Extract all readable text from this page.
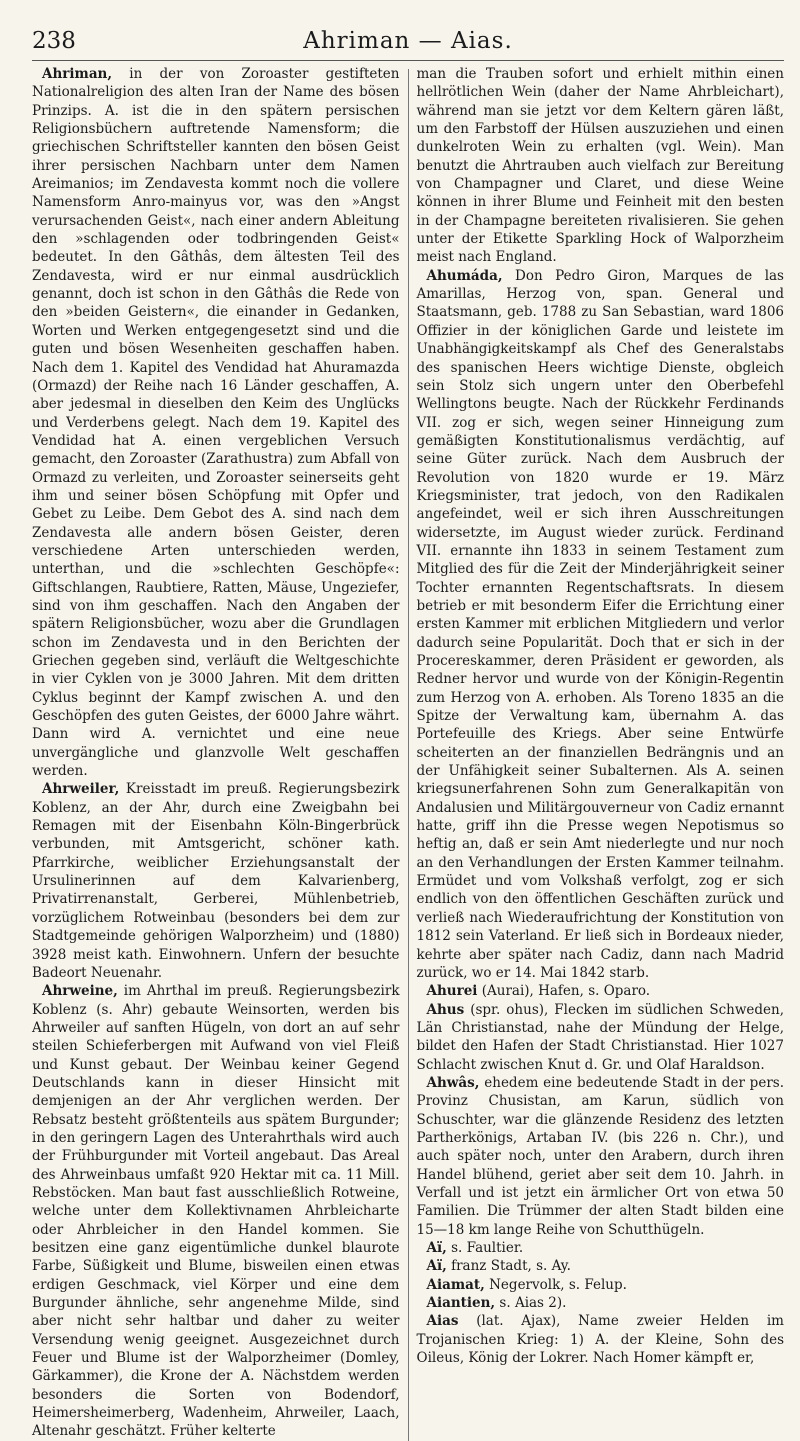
238	Ahriman — Aias.

Ahriman, in der von Zoroaster gestifteten Nationalreligion des alten Iran der Name des bösen Prinzips. A. ist die in den spätern persischen Religionsbüchern auftretende Namensform; die griechischen Schriftsteller kannten den bösen Geist ihrer persischen Nachbarn unter dem Namen Areimanios; im Zendavesta kommt noch die vollere Namensform Anro-mainyus vor, was den »Angst verursachenden Geist«, nach einer andern Ableitung den »schlagenden oder todbringenden Geist« bedeutet. In den Gâthâs, dem ältesten Teil des Zendavesta, wird er nur einmal ausdrücklich genannt, doch ist schon in den Gâthâs die Rede von den »beiden Geistern«, die einander in Gedanken, Worten und Werken entgegengesetzt sind und die guten und bösen Wesenheiten geschaffen haben. Nach dem 1. Kapitel des Vendidad hat Ahuramazda (Ormazd) der Reihe nach 16 Länder geschaffen, A. aber jedesmal in dieselben den Keim des Unglücks und Verderbens gelegt. Nach dem 19. Kapitel des Vendidad hat A. einen vergeblichen Versuch gemacht, den Zoroaster (Zarathustra) zum Abfall von Ormazd zu verleiten, und Zoroaster seinerseits geht ihm und seiner bösen Schöpfung mit Opfer und Gebet zu Leibe. Dem Gebot des A. sind nach dem Zendavesta alle andern bösen Geister, deren verschiedene Arten unterschieden werden, unterthan, und die »schlechten Geschöpfe«: Giftschlangen, Raubtiere, Ratten, Mäuse, Ungeziefer, sind von ihm geschaffen. Nach den Angaben der spätern Religionsbücher, wozu aber die Grundlagen schon im Zendavesta und in den Berichten der Griechen gegeben sind, verläuft die Weltgeschichte in vier Cyklen von je 3000 Jahren. Mit dem dritten Cyklus beginnt der Kampf zwischen A. und den Geschöpfen des guten Geistes, der 6000 Jahre währt. Dann wird A. vernichtet und eine neue unvergängliche und glanzvolle Welt geschaffen werden.

Ahrweiler, Kreisstadt im preuß. Regierungsbezirk Koblenz, an der Ahr, durch eine Zweigbahn bei Remagen mit der Eisenbahn Köln-Bingerbrück verbunden, mit Amtsgericht, schöner kath. Pfarrkirche, weiblicher Erziehungsanstalt der Ursulinerinnen auf dem Kalvarienberg, Privatirrenanstalt, Gerberei, Mühlenbetrieb, vorzüglichem Rotweinbau (besonders bei dem zur Stadtgemeinde gehörigen Walporzheim) und (1880) 3928 meist kath. Einwohnern. Unfern der besuchte Badeort Neuenahr.

Ahrweine, im Ahrthal im preuß. Regierungsbezirk Koblenz (s. Ahr) gebaute Weinsorten, werden bis Ahrweiler auf sanften Hügeln, von dort an auf sehr steilen Schieferbergen mit Aufwand von viel Fleiß und Kunst gebaut. Der Weinbau keiner Gegend Deutschlands kann in dieser Hinsicht mit demjenigen an der Ahr verglichen werden. Der Rebsatz besteht größtenteils aus spätem Burgunder; in den geringern Lagen des Unterahrthals wird auch der Frühburgunder mit Vorteil angebaut. Das Areal des Ahrweinbaus umfaßt 920 Hektar mit ca. 11 Mill. Rebstöcken. Man baut fast ausschließlich Rotweine, welche unter dem Kollektivnamen Ahrbleicharte oder Ahrbleicher in den Handel kommen. Sie besitzen eine ganz eigentümliche dunkel blaurote Farbe, Süßigkeit und Blume, bisweilen einen etwas erdigen Geschmack, viel Körper und eine dem Burgunder ähnliche, sehr angenehme Milde, sind aber nicht sehr haltbar und daher zu weiter Versendung wenig geeignet. Ausgezeichnet durch Feuer und Blume ist der Walporzheimer (Domley, Gärkammer), die Krone der A. Nächstdem werden besonders die Sorten von Bodendorf, Heimersheimerberg, Wadenheim, Ahrweiler, Laach, Altenahr geschätzt. Früher kelterte

man die Trauben sofort und erhielt mithin einen hellrötlichen Wein (daher der Name Ahrbleichart), während man sie jetzt vor dem Keltern gären läßt, um den Farbstoff der Hülsen auszuziehen und einen dunkelroten Wein zu erhalten (vgl. Wein). Man benutzt die Ahrtrauben auch vielfach zur Bereitung von Champagner und Claret, und diese Weine können in ihrer Blume und Feinheit mit den besten in der Champagne bereiteten rivalisieren. Sie gehen unter der Etikette Sparkling Hock of Walporzheim meist nach England.

Ahumáda, Don Pedro Giron, Marques de las Amarillas, Herzog von, span. General und Staatsmann, geb. 1788 zu San Sebastian, ward 1806 Offizier in der königlichen Garde und leistete im Unabhängigkeitskampf als Chef des Generalstabs des spanischen Heers wichtige Dienste, obgleich sein Stolz sich ungern unter den Oberbefehl Wellingtons beugte. Nach der Rückkehr Ferdinands VII. zog er sich, wegen seiner Hinneigung zum gemäßigten Konstitutionalismus verdächtig, auf seine Güter zurück. Nach dem Ausbruch der Revolution von 1820 wurde er 19. März Kriegsminister, trat jedoch, von den Radikalen angefeindet, weil er sich ihren Ausschreitungen widersetzte, im August wieder zurück. Ferdinand VII. ernannte ihn 1833 in seinem Testament zum Mitglied des für die Zeit der Minderjährigkeit seiner Tochter ernannten Regentschaftsrats. In diesem betrieb er mit besonderm Eifer die Errichtung einer ersten Kammer mit erblichen Mitgliedern und verlor dadurch seine Popularität. Doch that er sich in der Procereskammer, deren Präsident er geworden, als Redner hervor und wurde von der Königin-Regentin zum Herzog von A. erhoben. Als Toreno 1835 an die Spitze der Verwaltung kam, übernahm A. das Portefeuille des Kriegs. Aber seine Entwürfe scheiterten an der finanziellen Bedrängnis und an der Unfähigkeit seiner Subalternen. Als A. seinen kriegsunerfahrenen Sohn zum Generalkapitän von Andalusien und Militärgouverneur von Cadiz ernannt hatte, griff ihn die Presse wegen Nepotismus so heftig an, daß er sein Amt niederlegte und nur noch an den Verhandlungen der Ersten Kammer teilnahm. Ermüdet und vom Volkshaß verfolgt, zog er sich endlich von den öffentlichen Geschäften zurück und verließ nach Wiederaufrichtung der Konstitution von 1812 sein Vaterland. Er ließ sich in Bordeaux nieder, kehrte aber später nach Cadiz, dann nach Madrid zurück, wo er 14. Mai 1842 starb.

Ahurei (Aurai), Hafen, s. Oparo.

Ahus (spr. ohus), Flecken im südlichen Schweden, Län Christianstad, nahe der Mündung der Helge, bildet den Hafen der Stadt Christianstad. Hier 1027 Schlacht zwischen Knut d. Gr. und Olaf Haraldson.

Ahwâs, ehedem eine bedeutende Stadt in der pers. Provinz Chusistan, am Karun, südlich von Schuschter, war die glänzende Residenz des letzten Partherkönigs, Artaban IV. (bis 226 n. Chr.), und auch später noch, unter den Arabern, durch ihren Handel blühend, geriet aber seit dem 10. Jahrh. in Verfall und ist jetzt ein ärmlicher Ort von etwa 50 Familien. Die Trümmer der alten Stadt bilden eine 15—18 km lange Reihe von Schutthügeln.

Aï, s. Faultier.

Aï, franz Stadt, s. Ay.

Aiamat, Negervolk, s. Felup.

Aiantien, s. Aias 2).

Aias (lat. Ajax), Name zweier Helden im Trojanischen Krieg: 1) A. der Kleine, Sohn des Oileus, König der Lokrer. Nach Homer kämpft er,
